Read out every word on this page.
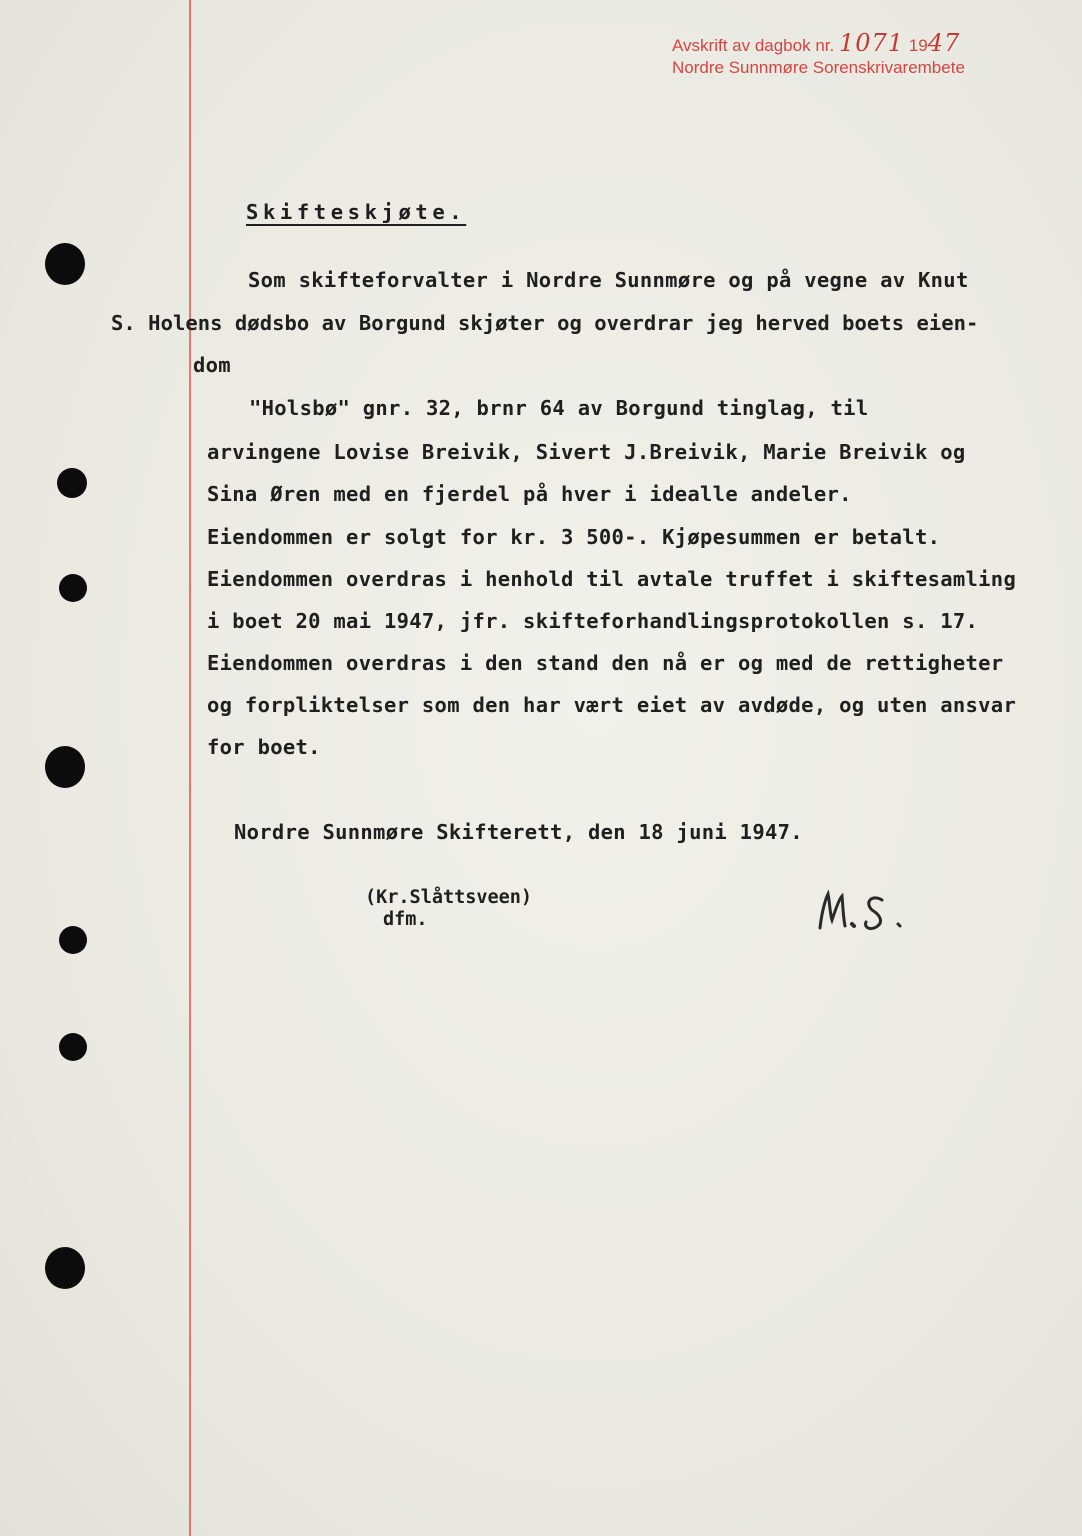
Avskrift av dagbok nr. 1071 1947
Nordre Sunnmøre Sorenskrivarembete
Skifteskjøte.
Som skifteforvalter i Nordre Sunnmøre og på vegne av Knut
S. Holens dødsbo av Borgund skjøter og overdrar jeg herved boets eien-
dom
"Holsbø" gnr. 32, brnr 64 av Borgund tinglag, til
arvingene Lovise Breivik, Sivert J.Breivik, Marie Breivik og
Sina Øren med en fjerdel på hver i idealle andeler.
Eiendommen er solgt for kr. 3 500-. Kjøpesummen er betalt.
Eiendommen overdras i henhold til avtale truffet i skiftesamling
i boet 20 mai 1947, jfr. skifteforhandlingsprotokollen s. 17.
Eiendommen overdras i den stand den nå er og med de rettigheter
og forpliktelser som den har vært eiet av avdøde, og uten ansvar
for boet.
Nordre Sunnmøre Skifterett, den 18 juni 1947.
(Kr.Slåttsveen)
dfm.
